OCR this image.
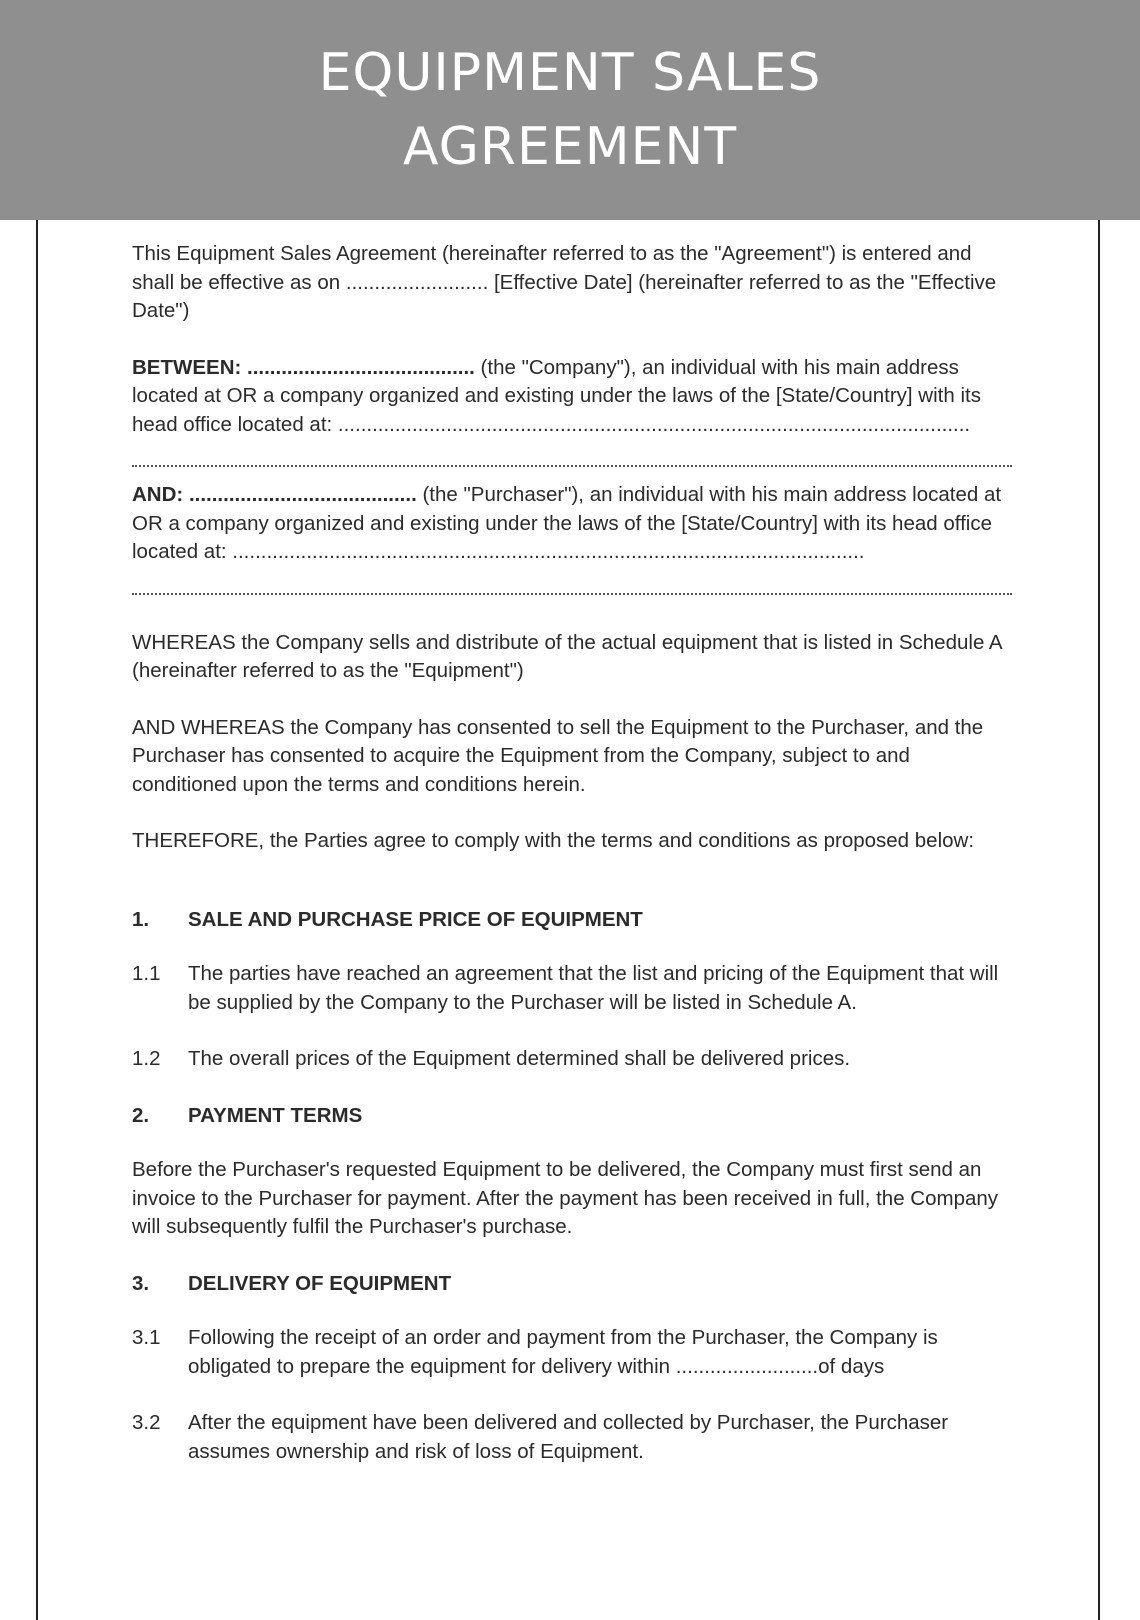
EQUIPMENT SALES
AGREEMENT

This Equipment Sales Agreement (hereinafter referred to as the "Agreement") is entered and shall be effective as on ......................... [Effective Date] (hereinafter referred to as the "Effective Date")

BETWEEN: ........................................ (the "Company"), an individual with his main address located at OR a company organized and existing under the laws of the [State/Country] with its head office located at: ...............................................................................................................

AND: ........................................ (the "Purchaser"), an individual with his main address located at OR a company organized and existing under the laws of the [State/Country] with its head office located at: ...............................................................................................................

WHEREAS the Company sells and distribute of the actual equipment that is listed in Schedule A (hereinafter referred to as the "Equipment")

AND WHEREAS the Company has consented to sell the Equipment to the Purchaser, and the Purchaser has consented to acquire the Equipment from the Company, subject to and conditioned upon the terms and conditions herein.

THEREFORE, the Parties agree to comply with the terms and conditions as proposed below:

1.	SALE AND PURCHASE PRICE OF EQUIPMENT
1.1	The parties have reached an agreement that the list and pricing of the Equipment that will be supplied by the Company to the Purchaser will be listed in Schedule A.
1.2	The overall prices of the Equipment determined shall be delivered prices.
2.	PAYMENT TERMS

Before the Purchaser's requested Equipment to be delivered, the Company must first send an invoice to the Purchaser for payment. After the payment has been received in full, the Company will subsequently fulfil the Purchaser's purchase.

3.	DELIVERY OF EQUIPMENT
3.1	Following the receipt of an order and payment from the Purchaser, the Company is obligated to prepare the equipment for delivery within .........................of days
3.2	After the equipment have been delivered and collected by Purchaser, the Purchaser assumes ownership and risk of loss of Equipment.
